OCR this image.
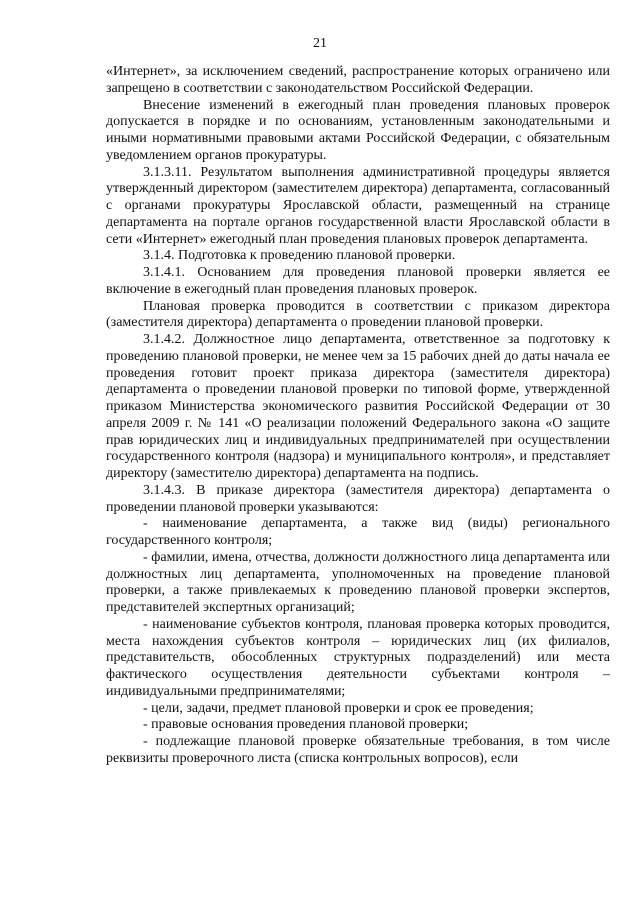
21

«Интернет», за исключением сведений, распространение которых ограничено или запрещено в соответствии с законодательством Российской Федерации.

Внесение изменений в ежегодный план проведения плановых проверок допускается в порядке и по основаниям, установленным законодательными и иными нормативными правовыми актами Российской Федерации, с обязательным уведомлением органов прокуратуры.

3.1.3.11. Результатом выполнения административной процедуры является утвержденный директором (заместителем директора) департамента, согласованный с органами прокуратуры Ярославской области, размещенный на странице департамента на портале органов государственной власти Ярославской области в сети «Интернет» ежегодный план проведения плановых проверок департамента.

3.1.4. Подготовка к проведению плановой проверки.

3.1.4.1. Основанием для проведения плановой проверки является ее включение в ежегодный план проведения плановых проверок.

Плановая проверка проводится в соответствии с приказом директора (заместителя директора) департамента о проведении плановой проверки.

3.1.4.2. Должностное лицо департамента, ответственное за подготовку к проведению плановой проверки, не менее чем за 15 рабочих дней до даты начала ее проведения готовит проект приказа директора (заместителя директора) департамента о проведении плановой проверки по типовой форме, утвержденной приказом Министерства экономического развития Российской Федерации от 30 апреля 2009 г. № 141 «О реализации положений Федерального закона «О защите прав юридических лиц и индивидуальных предпринимателей при осуществлении государственного контроля (надзора) и муниципального контроля», и представляет директору (заместителю директора) департамента на подпись.

3.1.4.3. В приказе директора (заместителя директора) департамента о проведении плановой проверки указываются:

- наименование департамента, а также вид (виды) регионального государственного контроля;

- фамилии, имена, отчества, должности должностного лица департамента или должностных лиц департамента, уполномоченных на проведение плановой проверки, а также привлекаемых к проведению плановой проверки экспертов, представителей экспертных организаций;

- наименование субъектов контроля, плановая проверка которых проводится, места нахождения субъектов контроля – юридических лиц (их филиалов, представительств, обособленных структурных подразделений) или места фактического осуществления деятельности субъектами контроля – индивидуальными предпринимателями;

- цели, задачи, предмет плановой проверки и срок ее проведения;

- правовые основания проведения плановой проверки;

- подлежащие плановой проверке обязательные требования, в том числе реквизиты проверочного листа (списка контрольных вопросов), если
